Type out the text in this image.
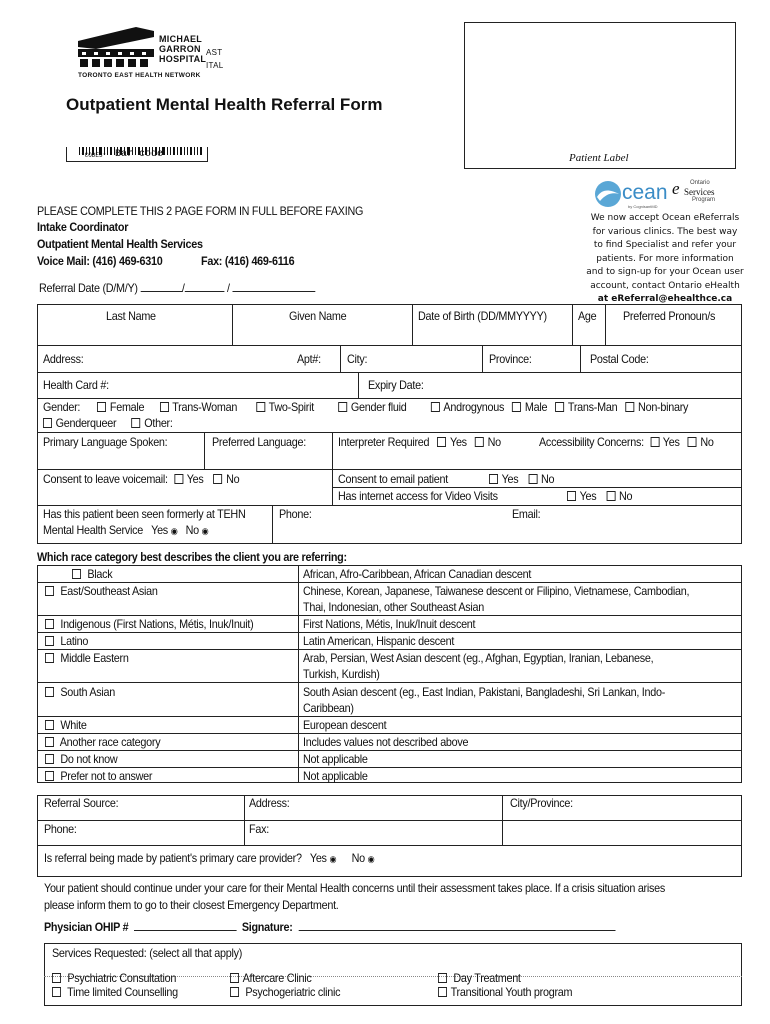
MICHAEL
GARRON
HOSPITAL
AST
ITAL
TORONTO EAST HEALTH NETWORK
Outpatient Mental Health Referral Form
*CODE3* Bar code	Patient Label
cean
by CognisantMD
e Ontario
Services
Program
We now accept Ocean eReferrals
for various clinics. The best way
to find Specialist and refer your
patients. For more information
and to sign-up for your Ocean user
account, contact Ontario eHealth
at eReferral@ehealthce.ca
PLEASE COMPLETE THIS 2 PAGE FORM IN FULL BEFORE FAXING
Intake Coordinator
Outpatient Mental Health Services
Voice Mail: (416) 469-6310	Fax: (416) 469-6116
Referral Date (D/M/Y)	/	/
Last Name	Given Name	Date of Birth (DD/MMYYYY)	Age Preferred Pronoun/s
Address:	Apt#: City:	Province:	Postal Code:
Health Card #:	Expiry Date:
Gender: Female Trans-Woman	Two-Spirit	Gender fluid	Androgynous Male Trans-Man Non-binary
Genderqueer Other:
Primary Language Spoken:	Preferred Language:	Interpreter Required Yes No	Accessibility Concerns: Yes No
Consent to leave voicemail: Yes No	Consent to email patient	Yes No
Has internet access for Video Visits	Yes No
Has this patient been seen formerly at TEHN
Mental Health Service Yes ◉ No ◉
Phone:	Email:
Which race category best describes the client you are referring:
Black	African, Afro-Caribbean, African Canadian descent
East/Southeast Asian	Chinese, Korean, Japanese, Taiwanese descent or Filipino, Vietnamese, Cambodian,
Thai, Indonesian, other Southeast Asian
Indigenous (First Nations, Métis, Inuk/Inuit)	First Nations, Métis, Inuk/Inuit descent
Latino	Latin American, Hispanic descent
Middle Eastern	Arab, Persian, West Asian descent (eg., Afghan, Egyptian, Iranian, Lebanese,
Turkish, Kurdish)
South Asian	South Asian descent (eg., East Indian, Pakistani, Bangladeshi, Sri Lankan, Indo-
Caribbean)
White	European descent
Another race category	Includes values not described above
Do not know	Not applicable
Prefer not to answer	Not applicable
Referral Source:	Address:	City/Province:
Phone:	Fax:
Is referral being made by patient's primary care provider? Yes ◉ No ◉
Your patient should continue under your care for their Mental Health concerns until their assessment takes place. If a crisis situation arises
please inform them to go to their closest Emergency Department.
Physician OHIP #	Signature:
Services Requested: (select all that apply)
Psychiatric Consultation	Aftercare Clinic	Day Treatment
Time limited Counselling	Psychogeriatric clinic	Transitional Youth program
